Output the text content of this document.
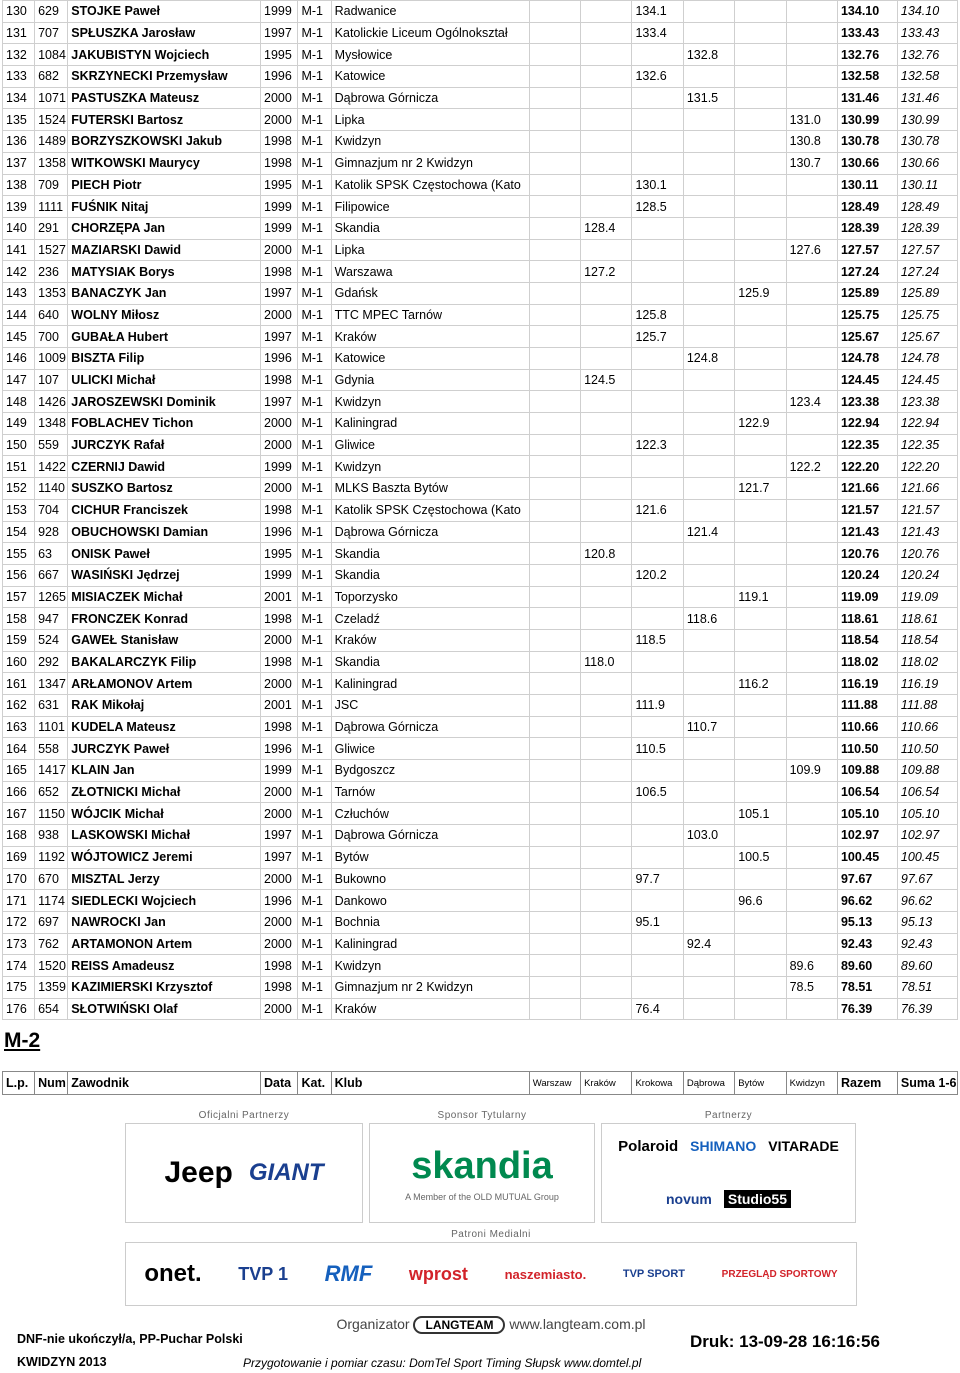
130	629	STOJKE Paweł	1999	M-1	Radwanice			134.1				134.10	134.10
131	707	SPŁUSZKA Jarosław	1997	M-1	Katolickie Liceum Ogólnokształ			133.4				133.43	133.43
132	1084	JAKUBISTYN Wojciech	1995	M-1	Mysłowice				132.8			132.76	132.76
133	682	SKRZYNECKI Przemysław	1996	M-1	Katowice			132.6				132.58	132.58
134	1071	PASTUSZKA Mateusz	2000	M-1	Dąbrowa Górnicza				131.5			131.46	131.46
135	1524	FUTERSKI Bartosz	2000	M-1	Lipka						131.0	130.99	130.99
136	1489	BORZYSZKOWSKI Jakub	1998	M-1	Kwidzyn						130.8	130.78	130.78
137	1358	WITKOWSKI Maurycy	1998	M-1	Gimnazjum nr 2 Kwidzyn						130.7	130.66	130.66
138	709	PIECH Piotr	1995	M-1	Katolik SPSK Częstochowa (Kato			130.1				130.11	130.11
139	1111	FUŚNIK Nitaj	1999	M-1	Filipowice			128.5				128.49	128.49
140	291	CHORZĘPA Jan	1999	M-1	Skandia		128.4					128.39	128.39
141	1527	MAZIARSKI Dawid	2000	M-1	Lipka						127.6	127.57	127.57
142	236	MATYSIAK Borys	1998	M-1	Warszawa		127.2					127.24	127.24
143	1353	BANACZYK Jan	1997	M-1	Gdańsk					125.9		125.89	125.89
144	640	WOLNY Miłosz	2000	M-1	TTC MPEC Tarnów			125.8				125.75	125.75
145	700	GUBAŁA Hubert	1997	M-1	Kraków			125.7				125.67	125.67
146	1009	BISZTA Filip	1996	M-1	Katowice				124.8			124.78	124.78
147	107	ULICKI Michał	1998	M-1	Gdynia		124.5					124.45	124.45
148	1426	JAROSZEWSKI Dominik	1997	M-1	Kwidzyn						123.4	123.38	123.38
149	1348	FOBLACHEV Tichon	2000	M-1	Kaliningrad					122.9		122.94	122.94
150	559	JURCZYK Rafał	2000	M-1	Gliwice			122.3				122.35	122.35
151	1422	CZERNIJ Dawid	1999	M-1	Kwidzyn						122.2	122.20	122.20
152	1140	SUSZKO Bartosz	2000	M-1	MLKS Baszta Bytów					121.7		121.66	121.66
153	704	CICHUR Franciszek	1998	M-1	Katolik SPSK Częstochowa (Kato			121.6				121.57	121.57
154	928	OBUCHOWSKI Damian	1996	M-1	Dąbrowa Górnicza				121.4			121.43	121.43
155	63	ONISK Paweł	1995	M-1	Skandia		120.8					120.76	120.76
156	667	WASIŃSKI Jędrzej	1999	M-1	Skandia			120.2				120.24	120.24
157	1265	MISIACZEK Michał	2001	M-1	Toporzysko					119.1		119.09	119.09
158	947	FRONCZEK Konrad	1998	M-1	Czeladź				118.6			118.61	118.61
159	524	GAWEŁ Stanisław	2000	M-1	Kraków			118.5				118.54	118.54
160	292	BAKALARCZYK Filip	1998	M-1	Skandia		118.0					118.02	118.02
161	1347	ARŁAMONOV Artem	2000	M-1	Kaliningrad					116.2		116.19	116.19
162	631	RAK Mikołaj	2001	M-1	JSC			111.9				111.88	111.88
163	1101	KUDELA Mateusz	1998	M-1	Dąbrowa Górnicza				110.7			110.66	110.66
164	558	JURCZYK Paweł	1996	M-1	Gliwice			110.5				110.50	110.50
165	1417	KLAIN Jan	1999	M-1	Bydgoszcz						109.9	109.88	109.88
166	652	ZŁOTNICKI Michał	2000	M-1	Tarnów			106.5				106.54	106.54
167	1150	WÓJCIK Michał	2000	M-1	Człuchów					105.1		105.10	105.10
168	938	LASKOWSKI Michał	1997	M-1	Dąbrowa Górnicza				103.0			102.97	102.97
169	1192	WÓJTOWICZ Jeremi	1997	M-1	Bytów					100.5		100.45	100.45
170	670	MISZTAL Jerzy	2000	M-1	Bukowno			97.7				97.67	97.67
171	1174	SIEDLECKI Wojciech	1996	M-1	Dankowo					96.6		96.62	96.62
172	697	NAWROCKI Jan	2000	M-1	Bochnia			95.1				95.13	95.13
173	762	ARTAMONON Artem	2000	M-1	Kaliningrad				92.4			92.43	92.43
174	1520	REISS Amadeusz	1998	M-1	Kwidzyn						89.6	89.60	89.60
175	1359	KAZIMIERSKI Krzysztof	1998	M-1	Gimnazjum nr 2 Kwidzyn						78.5	78.51	78.51
176	654	SŁOTWIŃSKI Olaf	2000	M-1	Kraków			76.4				76.39	76.39
M-2
L.p.	Num	Zawodnik	Data	Kat.	Klub	Warszaw	Kraków	Krokowa	Dąbrowa	Bytów	Kwidzyn	Razem	Suma 1-6

Oficjalni Partnerzy

Jeep GIANT

Sponsor Tytularny

skandia
A Member of the OLD MUTUAL Group

Partnerzy

Polaroid SHIMANO VITARADE
novum Studio55

Patroni Medialni

onet. TVP 1 RMF wprost	naszemiasto.	TVP SPORT	PRZEGLĄD SPORTOWY
Organizator LANGTEAM www.langteam.com.pl
DNF-nie ukończył/a, PP-Puchar Polski
KWIDZYN 2013	Przygotowanie i pomiar czasu: DomTel Sport Timing Słupsk www.domtel.pl
Druk: 13-09-28 16:16:56
